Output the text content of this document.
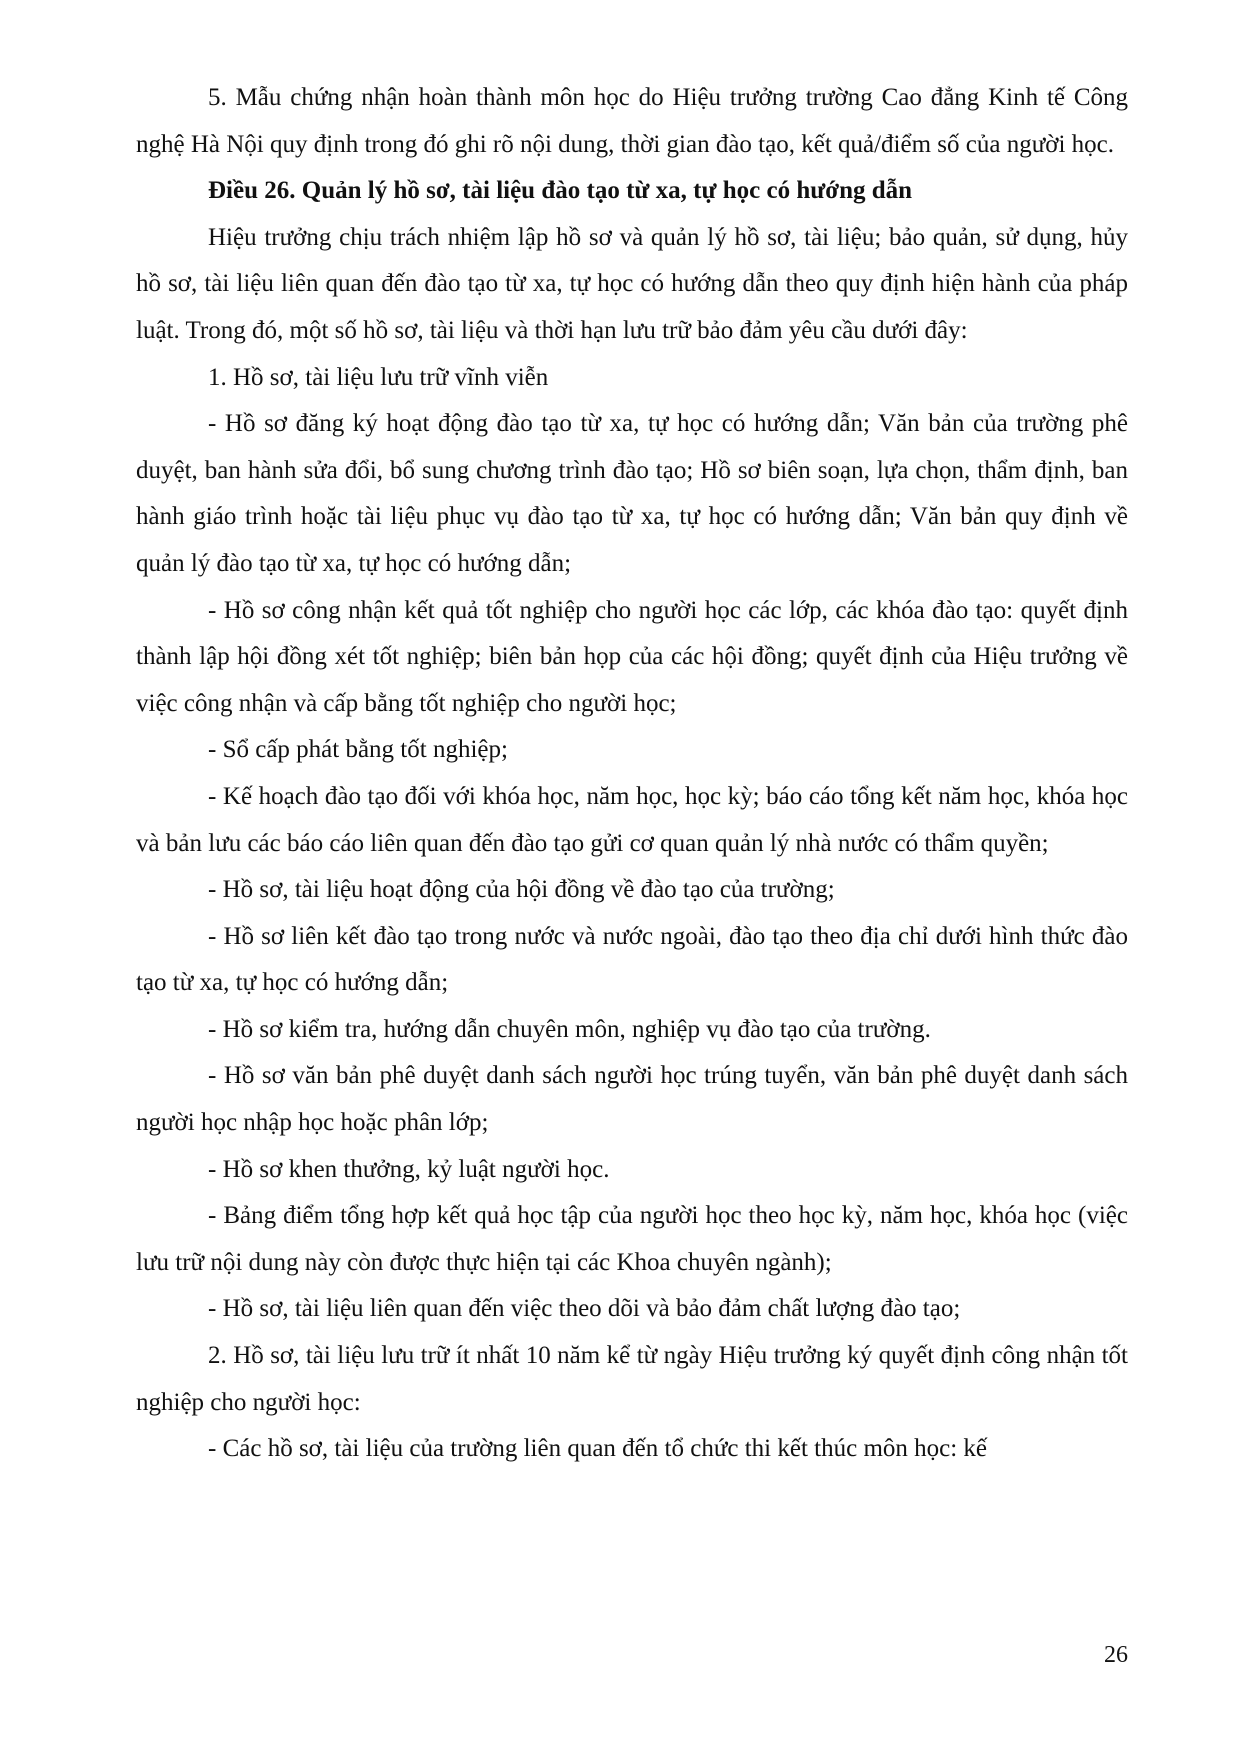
5. Mẫu chứng nhận hoàn thành môn học do Hiệu trưởng trường Cao đẳng Kinh tế Công nghệ Hà Nội quy định trong đó ghi rõ nội dung, thời gian đào tạo, kết quả/điểm số của người học.

Điều 26. Quản lý hồ sơ, tài liệu đào tạo từ xa, tự học có hướng dẫn

Hiệu trưởng chịu trách nhiệm lập hồ sơ và quản lý hồ sơ, tài liệu; bảo quản, sử dụng, hủy hồ sơ, tài liệu liên quan đến đào tạo từ xa, tự học có hướng dẫn theo quy định hiện hành của pháp luật. Trong đó, một số hồ sơ, tài liệu và thời hạn lưu trữ bảo đảm yêu cầu dưới đây:

1. Hồ sơ, tài liệu lưu trữ vĩnh viễn

- Hồ sơ đăng ký hoạt động đào tạo từ xa, tự học có hướng dẫn; Văn bản của trường phê duyệt, ban hành sửa đổi, bổ sung chương trình đào tạo; Hồ sơ biên soạn, lựa chọn, thẩm định, ban hành giáo trình hoặc tài liệu phục vụ đào tạo từ xa, tự học có hướng dẫn; Văn bản quy định về quản lý đào tạo từ xa, tự học có hướng dẫn;

- Hồ sơ công nhận kết quả tốt nghiệp cho người học các lớp, các khóa đào tạo: quyết định thành lập hội đồng xét tốt nghiệp; biên bản họp của các hội đồng; quyết định của Hiệu trưởng về việc công nhận và cấp bằng tốt nghiệp cho người học;

- Sổ cấp phát bằng tốt nghiệp;

- Kế hoạch đào tạo đối với khóa học, năm học, học kỳ; báo cáo tổng kết năm học, khóa học và bản lưu các báo cáo liên quan đến đào tạo gửi cơ quan quản lý nhà nước có thẩm quyền;

- Hồ sơ, tài liệu hoạt động của hội đồng về đào tạo của trường;

- Hồ sơ liên kết đào tạo trong nước và nước ngoài, đào tạo theo địa chỉ dưới hình thức đào tạo từ xa, tự học có hướng dẫn;

- Hồ sơ kiểm tra, hướng dẫn chuyên môn, nghiệp vụ đào tạo của trường.

- Hồ sơ văn bản phê duyệt danh sách người học trúng tuyển, văn bản phê duyệt danh sách người học nhập học hoặc phân lớp;

- Hồ sơ khen thưởng, kỷ luật người học.

- Bảng điểm tổng hợp kết quả học tập của người học theo học kỳ, năm học, khóa học (việc lưu trữ nội dung này còn được thực hiện tại các Khoa chuyên ngành);

- Hồ sơ, tài liệu liên quan đến việc theo dõi và bảo đảm chất lượng đào tạo;

2. Hồ sơ, tài liệu lưu trữ ít nhất 10 năm kể từ ngày Hiệu trưởng ký quyết định công nhận tốt nghiệp cho người học:

- Các hồ sơ, tài liệu của trường liên quan đến tổ chức thi kết thúc môn học: kế

26
